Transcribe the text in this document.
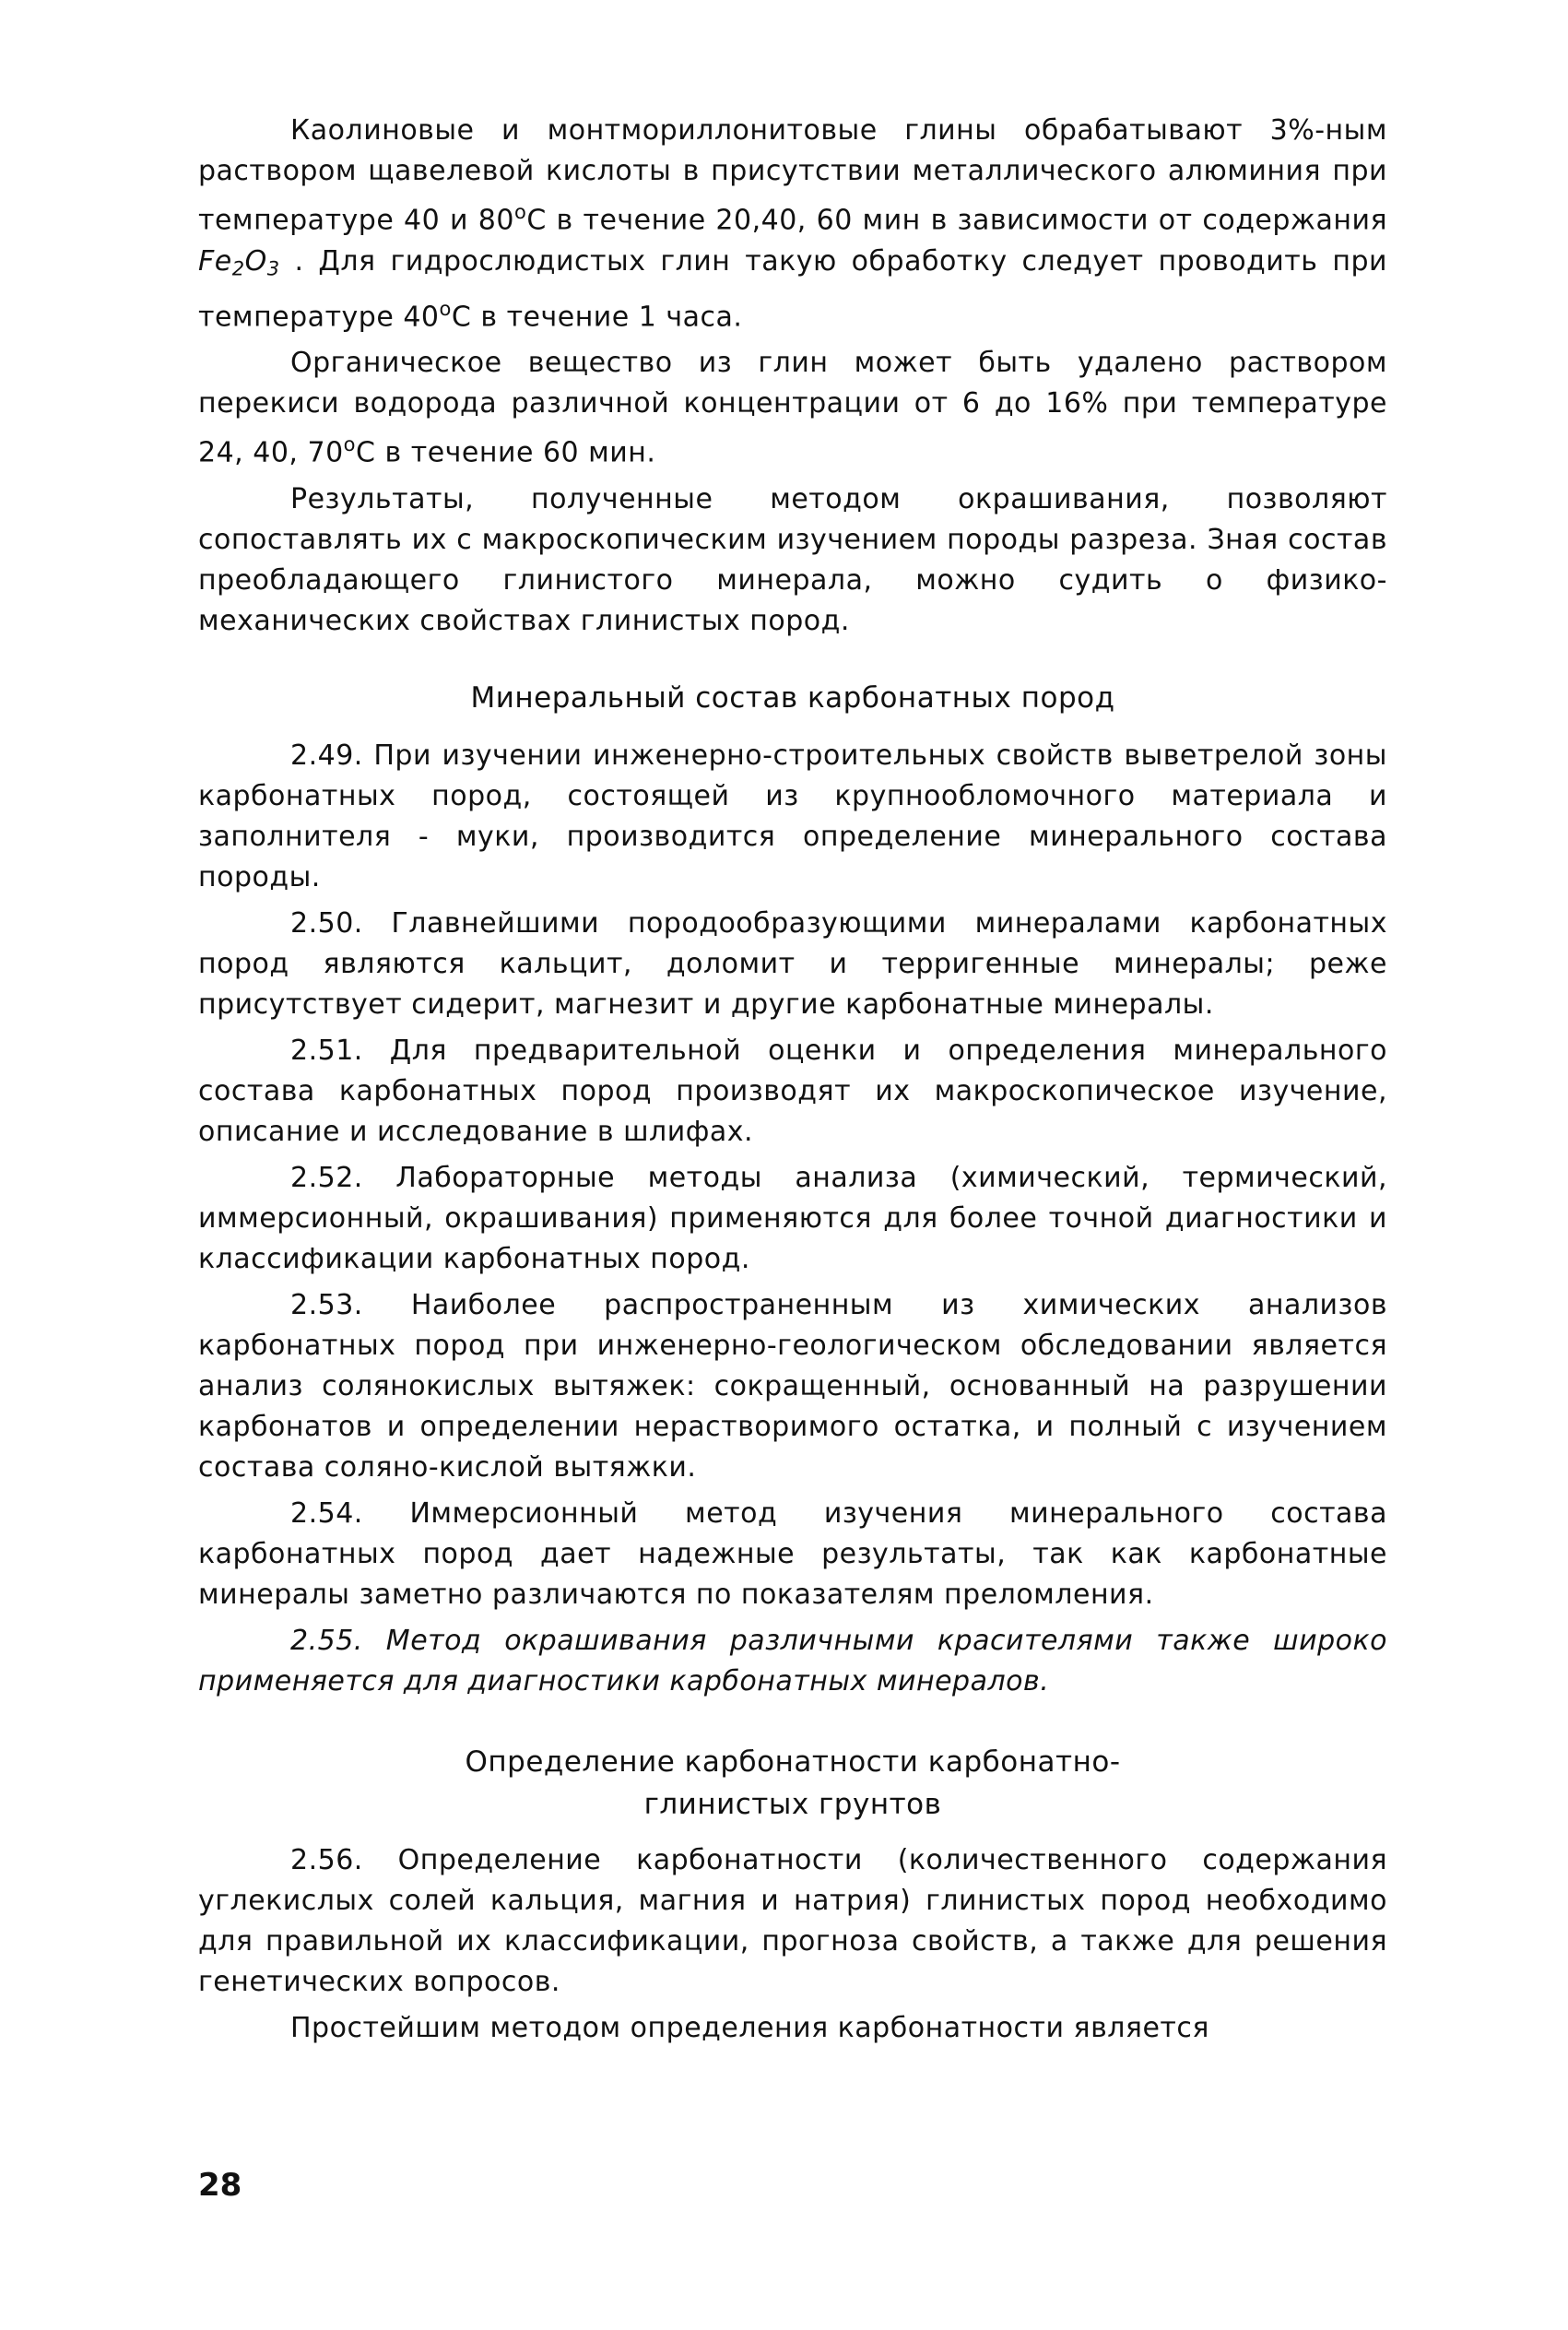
Каолиновые и монтмориллонитовые глины обрабатывают 3%-ным раствором щавелевой кислоты в присутствии металлического алюминия при температуре 40 и 80$^o$C в течение 20,40, 60 мин в зависимости от содержания $Fe_2O_3$ . Для гидрослюдистых глин такую обработку следует проводить при температуре 40$^o$C в течение 1 часа.

Органическое вещество из глин может быть удалено раствором перекиси водорода различной концентрации от 6 до 16% при температуре 24, 40, 70$^o$C в течение 60 мин.

Результаты, полученные методом окрашивания, позволяют сопоставлять их с макроскопическим изучением породы разреза. Зная состав преобладающего глинистого минерала, можно судить о физико-механических свойствах глинистых пород.

Минеральный состав карбонатных пород

2.49. При изучении инженерно-строительных свойств выветрелой зоны карбонатных пород, состоящей из крупнообломочного материала и заполнителя - муки, производится определение минерального состава породы.

2.50. Главнейшими породообразующими минералами карбонатных пород являются кальцит, доломит и терригенные минералы; реже присутствует сидерит, магнезит и другие карбонатные минералы.

2.51. Для предварительной оценки и определения минерального состава карбонатных пород производят их макроскопическое изучение, описание и исследование в шлифах.

2.52. Лабораторные методы анализа (химический, термический, иммерсионный, окрашивания) применяются для более точной диагностики и классификации карбонатных пород.

2.53. Наиболее распространенным из химических анализов карбонатных пород при инженерно-геологическом обследовании является анализ солянокислых вытяжек: сокращенный, основанный на разрушении карбонатов и определении нерастворимого остатка, и полный с изучением состава соляно-кислой вытяжки.

2.54. Иммерсионный метод изучения минерального состава карбонатных пород дает надежные результаты, так как карбонатные минералы заметно различаются по показателям преломления.

2.55. Метод окрашивания различными красителями также широко применяется для диагностики карбонатных минералов.

Определение карбонатности карбонатно-

глинистых грунтов

2.56. Определение карбонатности (количественного содержания углекислых солей кальция, магния и натрия) глинистых пород необходимо для правильной их классификации, прогноза свойств, а также для решения генетических вопросов.

Простейшим методом определения карбонатности является

28
